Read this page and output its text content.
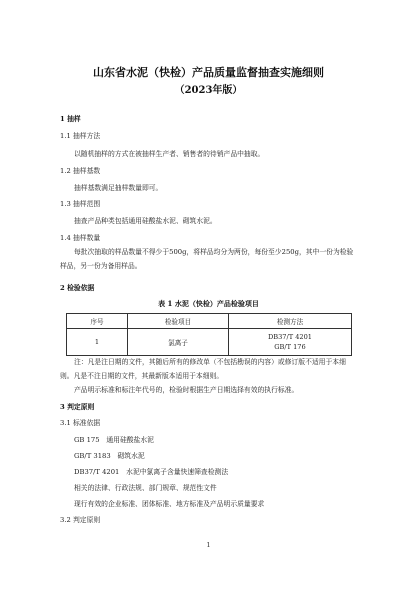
山东省水泥（快检）产品质量监督抽查实施细则
（2023年版）
1 抽样
1.1 抽样方法
以随机抽样的方式在被抽样生产者、销售者的待销产品中抽取。
1.2 抽样基数
抽样基数满足抽样数量即可。
1.3 抽样范围
抽查产品种类包括通用硅酸盐水泥、砌筑水泥。
1.4 抽样数量
每批次抽取的样品数量不得少于500g，将样品均分为两份，每份至少250g，其中一份为检验样品，另一份为备用样品。
2 检验依据
表 1 水泥（快检）产品检验项目
序号	检验项目	检测方法
1	氯离子	DB37/T 4201
GB/T 176
注：凡是注日期的文件，其随后所有的修改单（不包括勘误的内容）或修订版不适用于本细则。凡是不注日期的文件，其最新版本适用于本细则。
产品明示标准和标注年代号的，检验时根据生产日期选择有效的执行标准。
3 判定原则
3.1 标准依据
GB 175　通用硅酸盐水泥
GB/T 3183　砌筑水泥
DB37/T 4201　水泥中氯离子含量快速筛查检测法
相关的法律、行政法规、部门规章、规范性文件
现行有效的企业标准、团体标准、地方标准及产品明示质量要求
3.2 判定原则
1
